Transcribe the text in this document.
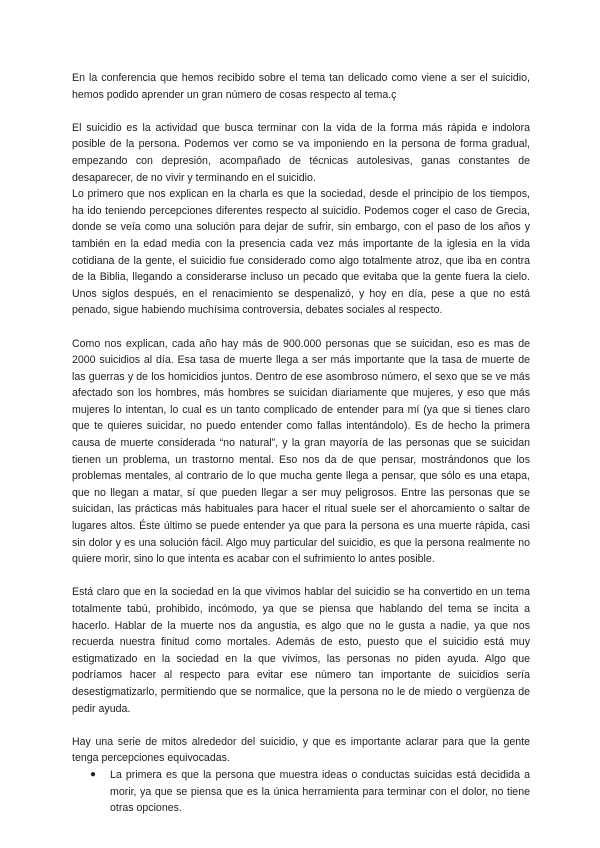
En la conferencia que hemos recibido sobre el tema tan delicado como viene a ser el suicidio, hemos podido aprender un gran número de cosas respecto al tema.ç

El suicidio es la actividad que busca terminar con la vida de la forma más rápida e indolora posible de la persona. Podemos ver como se va imponiendo en la persona de forma gradual, empezando con depresión, acompañado de técnicas autolesivas, ganas constantes de desaparecer, de no vivir y terminando en el suicidio.

Lo primero que nos explican en la charla es que la sociedad, desde el principio de los tiempos, ha ido teniendo percepciones diferentes respecto al suicidio. Podemos coger el caso de Grecia, donde se veía como una solución para dejar de sufrir, sin embargo, con el paso de los años y también en la edad media con la presencia cada vez más importante de la iglesia en la vida cotidiana de la gente, el suicidio fue considerado como algo totalmente atroz, que iba en contra de la Biblia, llegando a considerarse incluso un pecado que evitaba que la gente fuera la cielo. Unos siglos después, en el renacimiento se despenalizó, y hoy en día, pese a que no está penado, sigue habiendo muchísima controversia, debates sociales al respecto.

Como nos explican, cada año hay más de 900.000 personas que se suicidan, eso es mas de 2000 suicidios al día. Esa tasa de muerte llega a ser más importante que la tasa de muerte de las guerras y de los homicidios juntos. Dentro de ese asombroso número, el sexo que se ve más afectado son los hombres, más hombres se suicidan diariamente que mujeres, y eso que más mujeres lo intentan, lo cual es un tanto complicado de entender para mí (ya que si tienes claro que te quieres suicidar, no puedo entender como fallas intentándolo). Es de hecho la primera causa de muerte considerada “no natural”, y la gran mayoría de las personas que se suicidan tienen un problema, un trastorno mental. Eso nos da de que pensar, mostrándonos que los problemas mentales, al contrario de lo que mucha gente llega a pensar, que sólo es una etapa, que no llegan a matar, sí que pueden llegar a ser muy peligrosos. Entre las personas que se suicidan, las prácticas más habituales para hacer el ritual suele ser el ahorcamiento o saltar de lugares altos. Éste último se puede entender ya que para la persona es una muerte rápida, casi sin dolor y es una solución fácil. Algo muy particular del suicidio, es que la persona realmente no quiere morir, sino lo que intenta es acabar con el sufrimiento lo antes posible.

Está claro que en la sociedad en la que vivimos hablar del suicidio se ha convertido en un tema totalmente tabú, prohibido, incómodo, ya que se piensa que hablando del tema se incita a hacerlo. Hablar de la muerte nos da angustia, es algo que no le gusta a nadie, ya que nos recuerda nuestra finitud como mortales. Además de esto, puesto que el suicidio está muy estigmatizado en la sociedad en la que vivimos, las personas no piden ayuda. Algo que podríamos hacer al respecto para evitar ese número tan importante de suicidios sería desestigmatizarlo, permitiendo que se normalice, que la persona no le de miedo o vergüenza de pedir ayuda.

Hay una serie de mitos alrededor del suicidio, y que es importante aclarar para que la gente tenga percepciones equivocadas.

● La primera es que la persona que muestra ideas o conductas suicidas está decidida a morir, ya que se piensa que es la única herramienta para terminar con el dolor, no tiene otras opciones.
